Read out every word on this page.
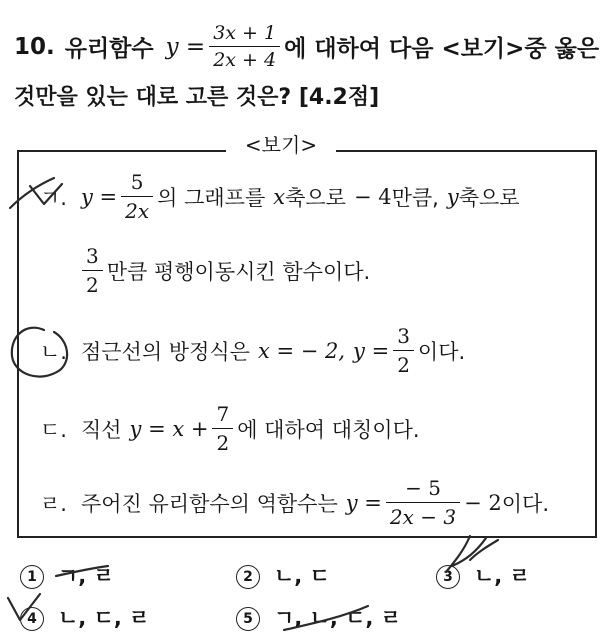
10. 유리함수 $y = \frac{3x + 1}{2x + 4}$ 에 대하여 다음 <보기>중 옳은
것만을 있는 대로 고른 것은? [4.2점]
<보기>
ㄱ. $y = \frac{5}{2x}$ 의 그래프를 x 축으로 − 4 만큼, y 축으로
$\frac{3}{2}$ 만큼 평행이동시킨 함수이다.
ㄴ. 점근선의 방정식은 x = − 2, $y = \frac{3}{2}$ 이다.
ㄷ. 직선 $y = x + \frac{7}{2}$ 에 대하여 대칭이다.
ㄹ. 주어진 유리함수의 역함수는 $y = \frac{- 5}{2x - 3} - 2$ 이다.
1 ㄱ, ㄹ	2 ㄴ, ㄷ	3 ㄴ, ㄹ
4 ㄴ, ㄷ, ㄹ	5 ㄱ, ㄴ, ㄷ, ㄹ
